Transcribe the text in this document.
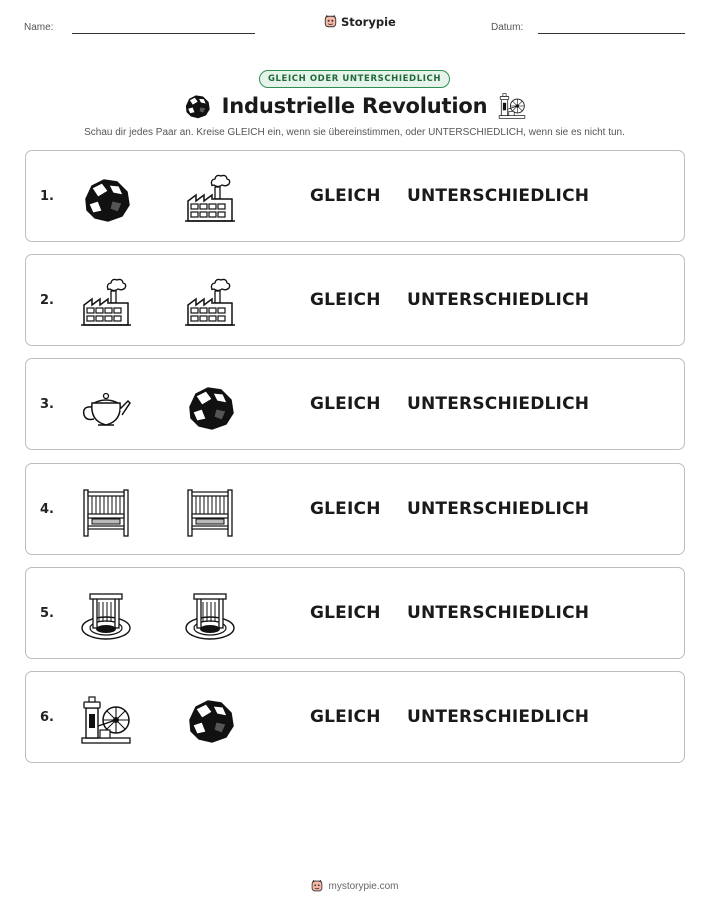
Name:	Storypie	Datum:
GLEICH ODER UNTERSCHIEDLICH
Industrielle Revolution
Schau dir jedes Paar an. Kreise GLEICH ein, wenn sie übereinstimmen, oder UNTERSCHIEDLICH, wenn sie es nicht tun.
1.	GLEICH UNTERSCHIEDLICH
2.	GLEICH UNTERSCHIEDLICH
3.	GLEICH UNTERSCHIEDLICH
4.	GLEICH UNTERSCHIEDLICH
5.	GLEICH UNTERSCHIEDLICH
6.	GLEICH UNTERSCHIEDLICH
mystorypie.com
